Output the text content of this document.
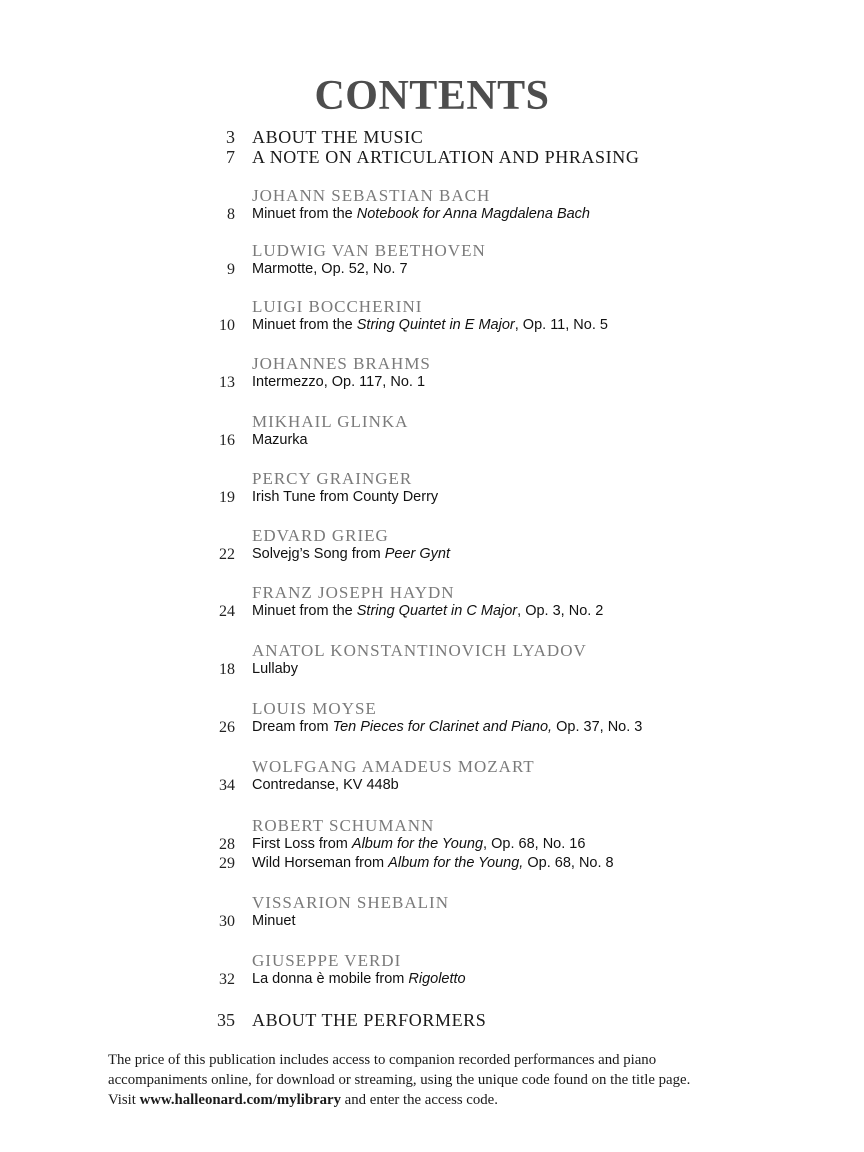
CONTENTS
3 ABOUT THE MUSIC
7 A NOTE ON ARTICULATION AND PHRASING
JOHANN SEBASTIAN BACH
8 Minuet from the Notebook for Anna Magdalena Bach
LUDWIG VAN BEETHOVEN
9 Marmotte, Op. 52, No. 7
LUIGI BOCCHERINI
10 Minuet from the String Quintet in E Major, Op. 11, No. 5
JOHANNES BRAHMS
13 Intermezzo, Op. 117, No. 1
MIKHAIL GLINKA
16 Mazurka
PERCY GRAINGER
19 Irish Tune from County Derry
EDVARD GRIEG
22 Solvejg’s Song from Peer Gynt
FRANZ JOSEPH HAYDN
24 Minuet from the String Quartet in C Major, Op. 3, No. 2
ANATOL KONSTANTINOVICH LYADOV
18 Lullaby
LOUIS MOYSE
26 Dream from Ten Pieces for Clarinet and Piano, Op. 37, No. 3
WOLFGANG AMADEUS MOZART
34 Contredanse, KV 448b
ROBERT SCHUMANN
28 First Loss from Album for the Young, Op. 68, No. 16
29 Wild Horseman from Album for the Young, Op. 68, No. 8
VISSARION SHEBALIN
30 Minuet
GIUSEPPE VERDI
32 La donna è mobile from Rigoletto
35 ABOUT THE PERFORMERS
The price of this publication includes access to companion recorded performances and piano
accompaniments online, for download or streaming, using the unique code found on the title page.
Visit www.halleonard.com/mylibrary and enter the access code.
